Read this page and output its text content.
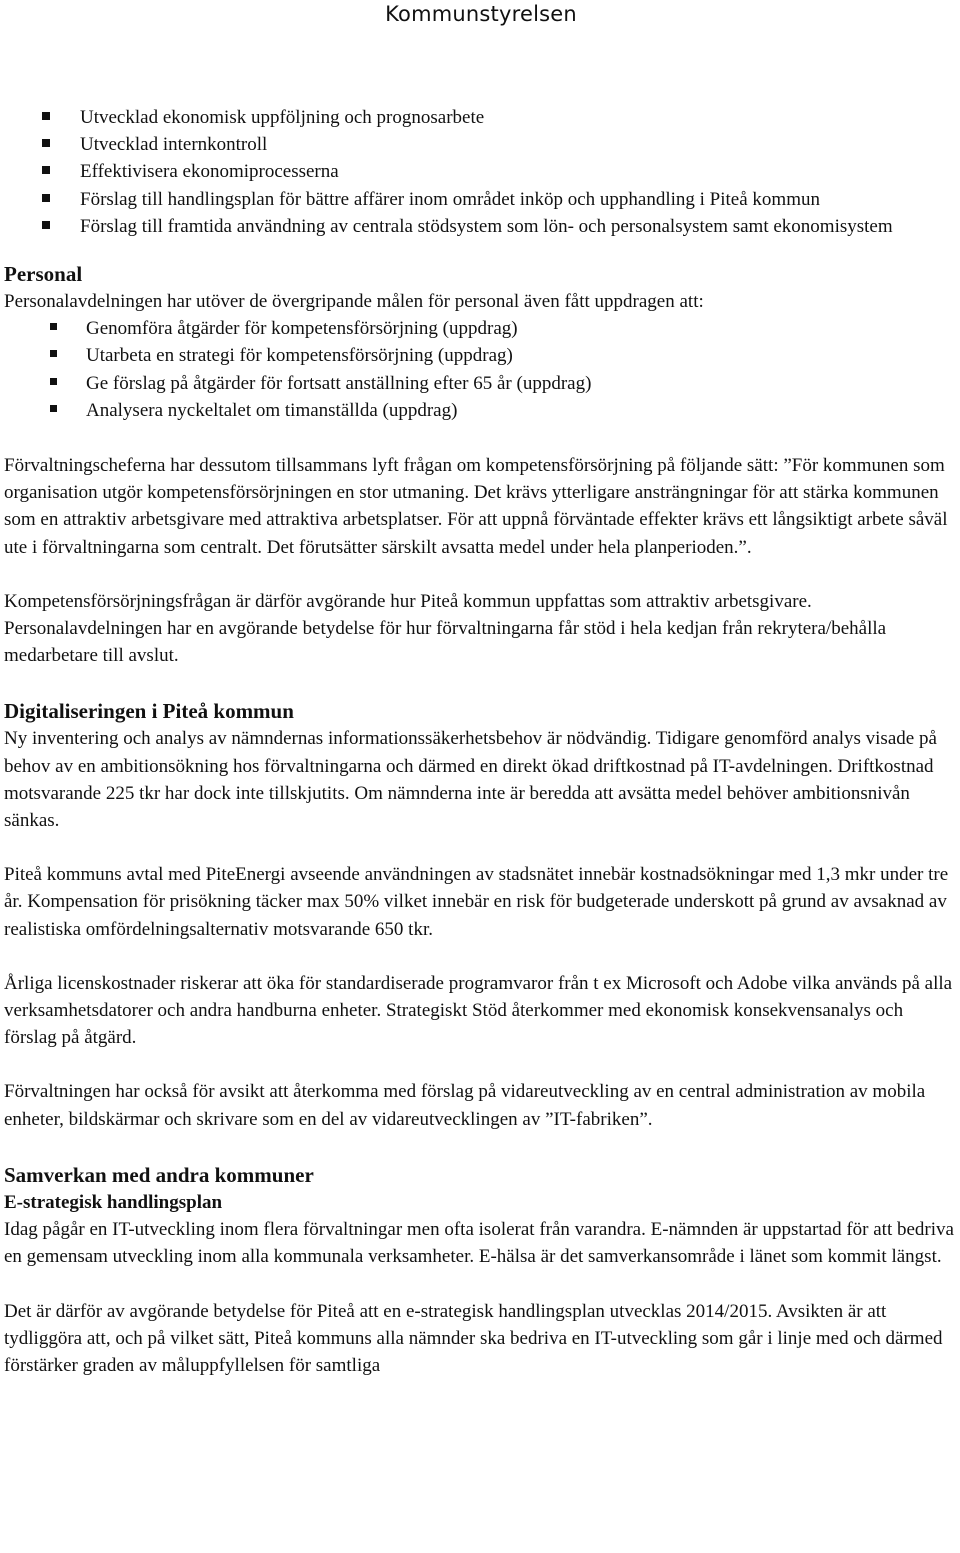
Kommunstyrelsen
Utvecklad ekonomisk uppföljning och prognosarbete
Utvecklad internkontroll
Effektivisera ekonomiprocesserna
Förslag till handlingsplan för bättre affärer inom området inköp och upphandling i Piteå kommun
Förslag till framtida användning av centrala stödsystem som lön- och personalsystem samt ekonomisystem

Personal

Personalavdelningen har utöver de övergripande målen för personal även fått uppdragen att:

Genomföra åtgärder för kompetensförsörjning (uppdrag)
Utarbeta en strategi för kompetensförsörjning (uppdrag)
Ge förslag på åtgärder för fortsatt anställning efter 65 år (uppdrag)
Analysera nyckeltalet om timanställda (uppdrag)

Förvaltningscheferna har dessutom tillsammans lyft frågan om kompetensförsörjning på följande sätt: ”För kommunen som organisation utgör kompetensförsörjningen en stor utmaning. Det krävs ytterligare ansträngningar för att stärka kommunen som en attraktiv arbetsgivare med attraktiva arbetsplatser. För att uppnå förväntade effekter krävs ett långsiktigt arbete såväl ute i förvaltningarna som centralt. Det förutsätter särskilt avsatta medel under hela planperioden.”.

Kompetensförsörjningsfrågan är därför avgörande hur Piteå kommun uppfattas som attraktiv arbetsgivare. Personalavdelningen har en avgörande betydelse för hur förvaltningarna får stöd i hela kedjan från rekrytera/behålla medarbetare till avslut.

Digitaliseringen i Piteå kommun

Ny inventering och analys av nämndernas informationssäkerhetsbehov är nödvändig. Tidigare genomförd analys visade på behov av en ambitionsökning hos förvaltningarna och därmed en direkt ökad driftkostnad på IT-avdelningen. Driftkostnad motsvarande 225 tkr har dock inte tillskjutits. Om nämnderna inte är beredda att avsätta medel behöver ambitionsnivån sänkas.

Piteå kommuns avtal med PiteEnergi avseende användningen av stadsnätet innebär kostnadsökningar med 1,3 mkr under tre år. Kompensation för prisökning täcker max 50% vilket innebär en risk för budgeterade underskott på grund av avsaknad av realistiska omfördelningsalternativ motsvarande 650 tkr.

Årliga licenskostnader riskerar att öka för standardiserade programvaror från t ex Microsoft och Adobe vilka används på alla verksamhetsdatorer och andra handburna enheter. Strategiskt Stöd återkommer med ekonomisk konsekvensanalys och förslag på åtgärd.

Förvaltningen har också för avsikt att återkomma med förslag på vidareutveckling av en central administration av mobila enheter, bildskärmar och skrivare som en del av vidareutvecklingen av ”IT-fabriken”.

Samverkan med andra kommuner

E-strategisk handlingsplan

Idag pågår en IT-utveckling inom flera förvaltningar men ofta isolerat från varandra. E-nämnden är uppstartad för att bedriva en gemensam utveckling inom alla kommunala verksamheter. E-hälsa är det samverkansområde i länet som kommit längst.

Det är därför av avgörande betydelse för Piteå att en e-strategisk handlingsplan utvecklas 2014/2015. Avsikten är att tydliggöra att, och på vilket sätt, Piteå kommuns alla nämnder ska bedriva en IT-utveckling som går i linje med och därmed förstärker graden av måluppfyllelsen för samtliga
